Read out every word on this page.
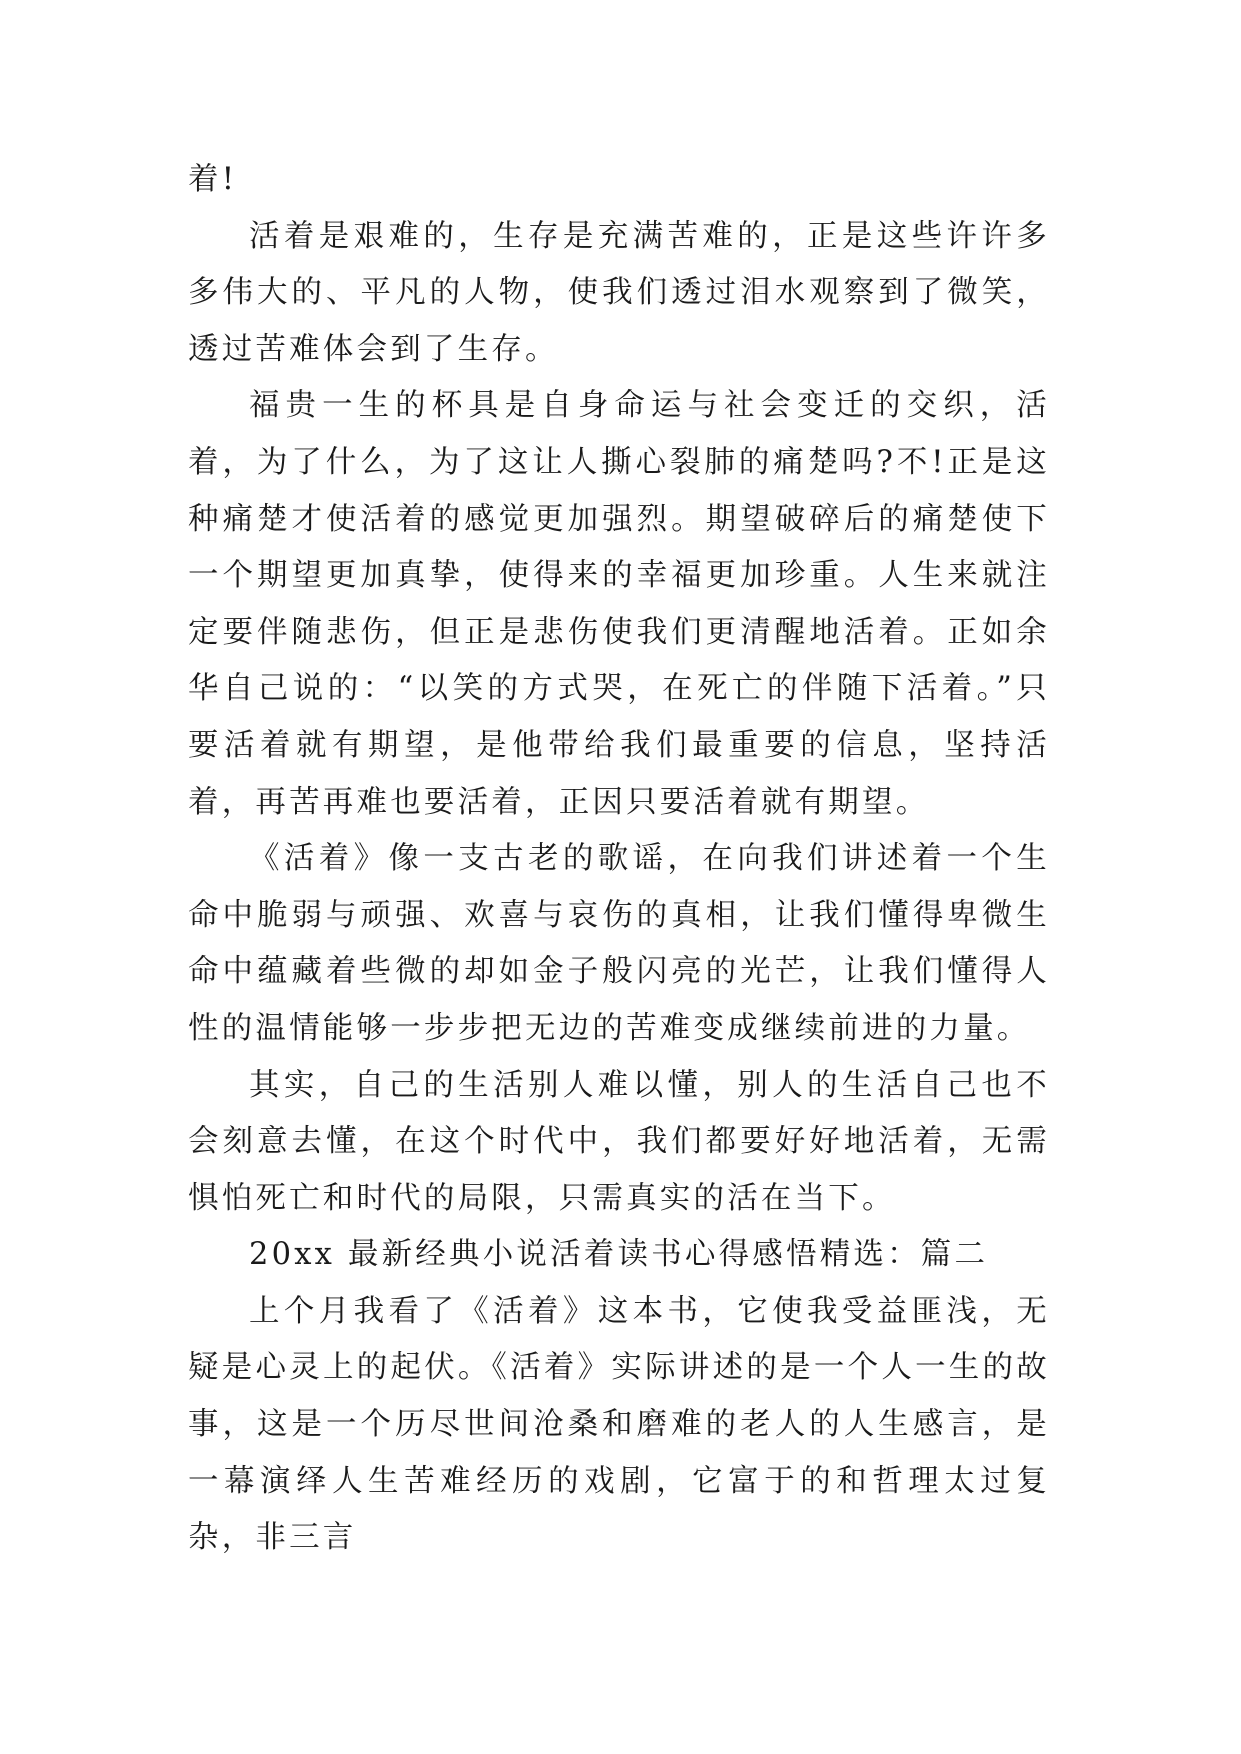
着!

活着是艰难的，生存是充满苦难的，正是这些许许多多伟大的、平凡的人物，使我们透过泪水观察到了微笑，透过苦难体会到了生存。

福贵一生的杯具是自身命运与社会变迁的交织，活着，为了什么，为了这让人撕心裂肺的痛楚吗?不!正是这种痛楚才使活着的感觉更加强烈。期望破碎后的痛楚使下一个期望更加真挚，使得来的幸福更加珍重。人生来就注定要伴随悲伤，但正是悲伤使我们更清醒地活着。正如余华自己说的：“以笑的方式哭，在死亡的伴随下活着。”只要活着就有期望，是他带给我们最重要的信息，坚持活着，再苦再难也要活着，正因只要活着就有期望。

《活着》像一支古老的歌谣，在向我们讲述着一个生命中脆弱与顽强、欢喜与哀伤的真相，让我们懂得卑微生命中蕴藏着些微的却如金子般闪亮的光芒，让我们懂得人性的温情能够一步步把无边的苦难变成继续前进的力量。

其实，自己的生活别人难以懂，别人的生活自己也不会刻意去懂，在这个时代中，我们都要好好地活着，无需惧怕死亡和时代的局限，只需真实的活在当下。

20xx 最新经典小说活着读书心得感悟精选：篇二

上个月我看了《活着》这本书，它使我受益匪浅，无疑是心灵上的起伏。《活着》实际讲述的是一个人一生的故事，这是一个历尽世间沧桑和磨难的老人的人生感言，是一幕演绎人生苦难经历的戏剧，它富于的和哲理太过复杂，非三言
